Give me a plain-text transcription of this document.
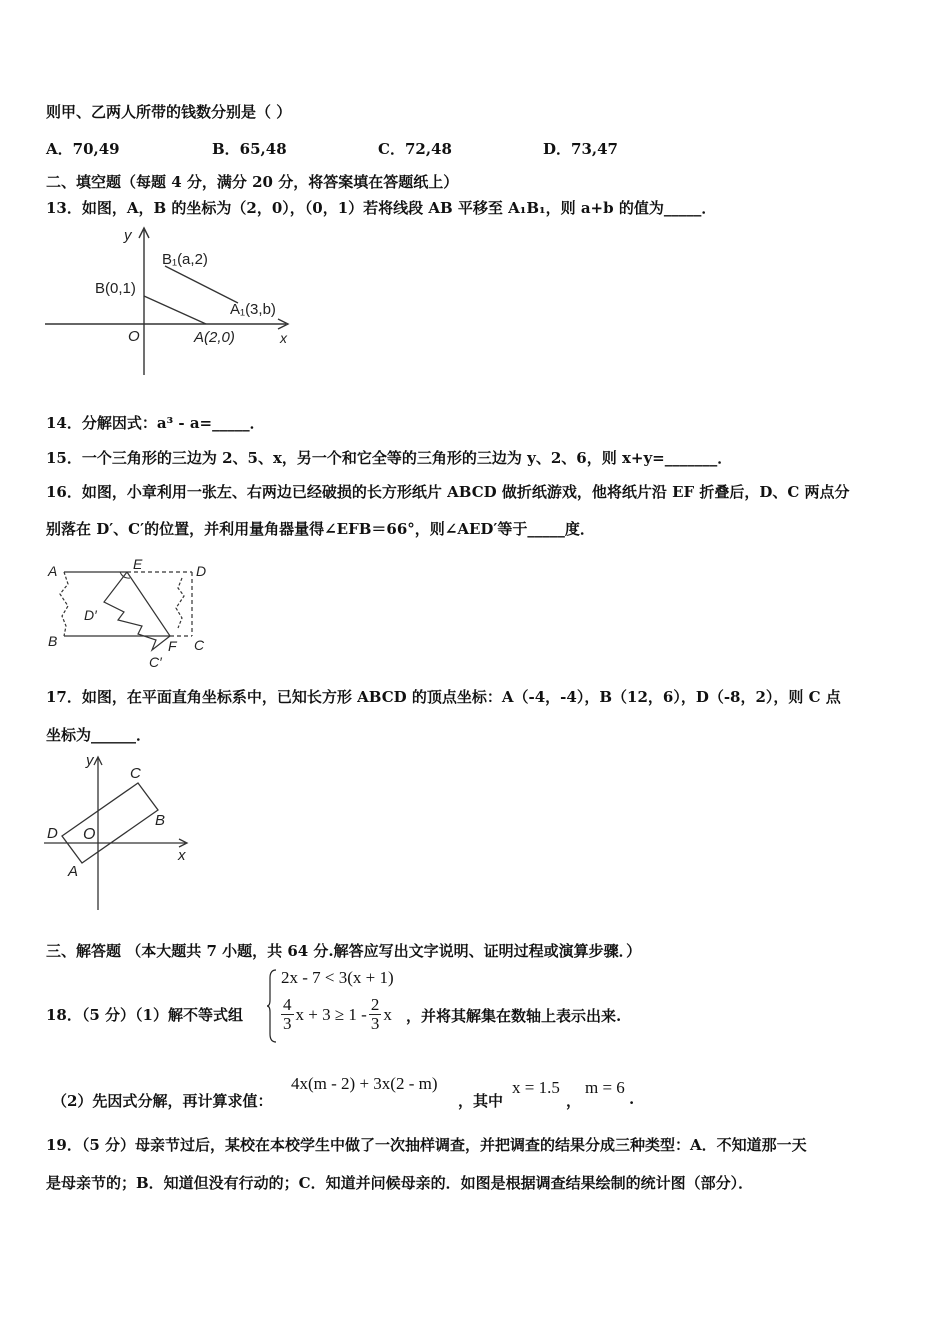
则甲、乙两人所带的钱数分别是（ ）
A．70,49	B．65,48	C．72,48	D．73,47
二、填空题（每题 4 分，满分 20 分，将答案填在答题纸上）
13．如图，A，B 的坐标为（2，0），（0，1）若将线段 AB 平移至 A₁B₁，则 a+b 的值为_____．
y
x
O
B(0,1)
A(2,0)
B₁(a,2)
A₁(3,b)
14．分解因式：a³ - a=_____．
15．一个三角形的三边为 2、5、x，另一个和它全等的三角形的三边为 y、2、6，则 x+y=_______．
16．如图，小章利用一张左、右两边已经破损的长方形纸片 ABCD 做折纸游戏，他将纸片沿 EF 折叠后，D、C 两点分
别落在 D′、C′的位置，并利用量角器量得∠EFB＝66°，则∠AED′等于_____度．
A	E	D
D′
B	F C
C′
17．如图，在平面直角坐标系中，已知长方形 ABCD 的顶点坐标：A（-4，-4），B（12，6），D（-8，2），则 C 点
坐标为______．
y
x
O
C
B
D
A
三、解答题 （本大题共 7 小题，共 64 分.解答应写出文字说明、证明过程或演算步骤．）
18．（5 分）（1）解不等式组
2x - 7 < 3(x + 1)
$\frac{4}{3}$ $x + 3 \ge 1 - \frac{2}{3}$ x ，并将其解集在数轴上表示出来.
（2）先因式分解，再计算求值：
4x(m - 2) + 3x(2 - m)
，其中
x = 1.5
，
m = 6
.
19．（5 分）母亲节过后，某校在本校学生中做了一次抽样调查，并把调查的结果分成三种类型：A．不知道那一天
是母亲节的；B．知道但没有行动的；C．知道并问候母亲的．如图是根据调查结果绘制的统计图（部分）．
